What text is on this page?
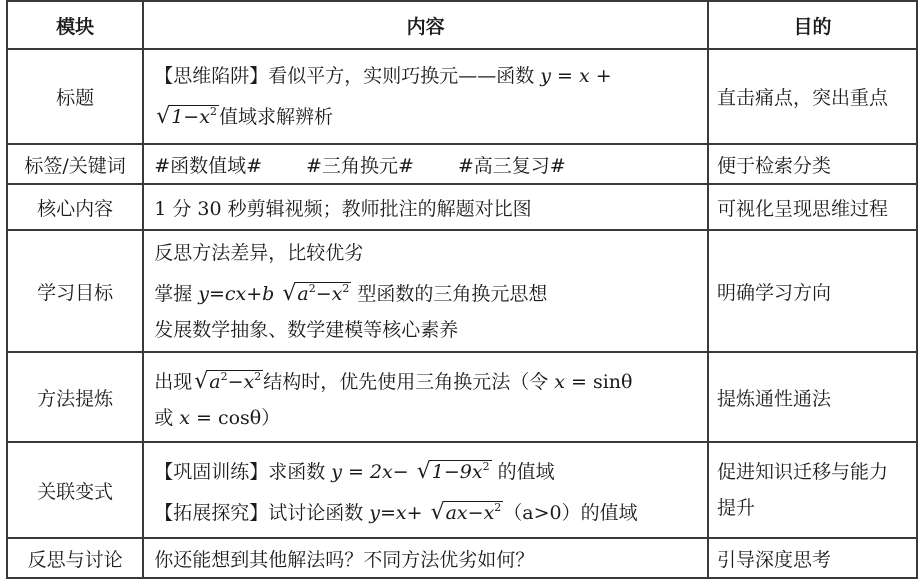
模块	内容	目的
标题	【思维陷阱】看似平方，实则巧换元——函数 y = x +
$√1-x^2$ 值域求解辨析	直击痛点，突出重点
标签/关键词	#函数值域# #三角换元# #高三复习#	便于检索分类
核心内容	1 分 30 秒剪辑视频；教师批注的解题对比图	可视化呈现思维过程
学习目标	反思方法差异，比较优劣
掌握 y=cx+b $√a^2-x^2$ 型函数的三角换元思想
发展数学抽象、数学建模等核心素养	明确学习方向
方法提炼	出现$√a^2-x^2$ 结构时，优先使用三角换元法（令 x = sinθ
或 x = cosθ）	提炼通性通法
关联变式	【巩固训练】求函数 $y = 2x- √1-9x^2$ 的值域
【拓展探究】试讨论函数 $y=x+ √ax-x^2$ （a>0）的值域	促进知识迁移与能力
提升

反思与讨论	你还能想到其他解法吗？不同方法优劣如何？	引导深度思考
